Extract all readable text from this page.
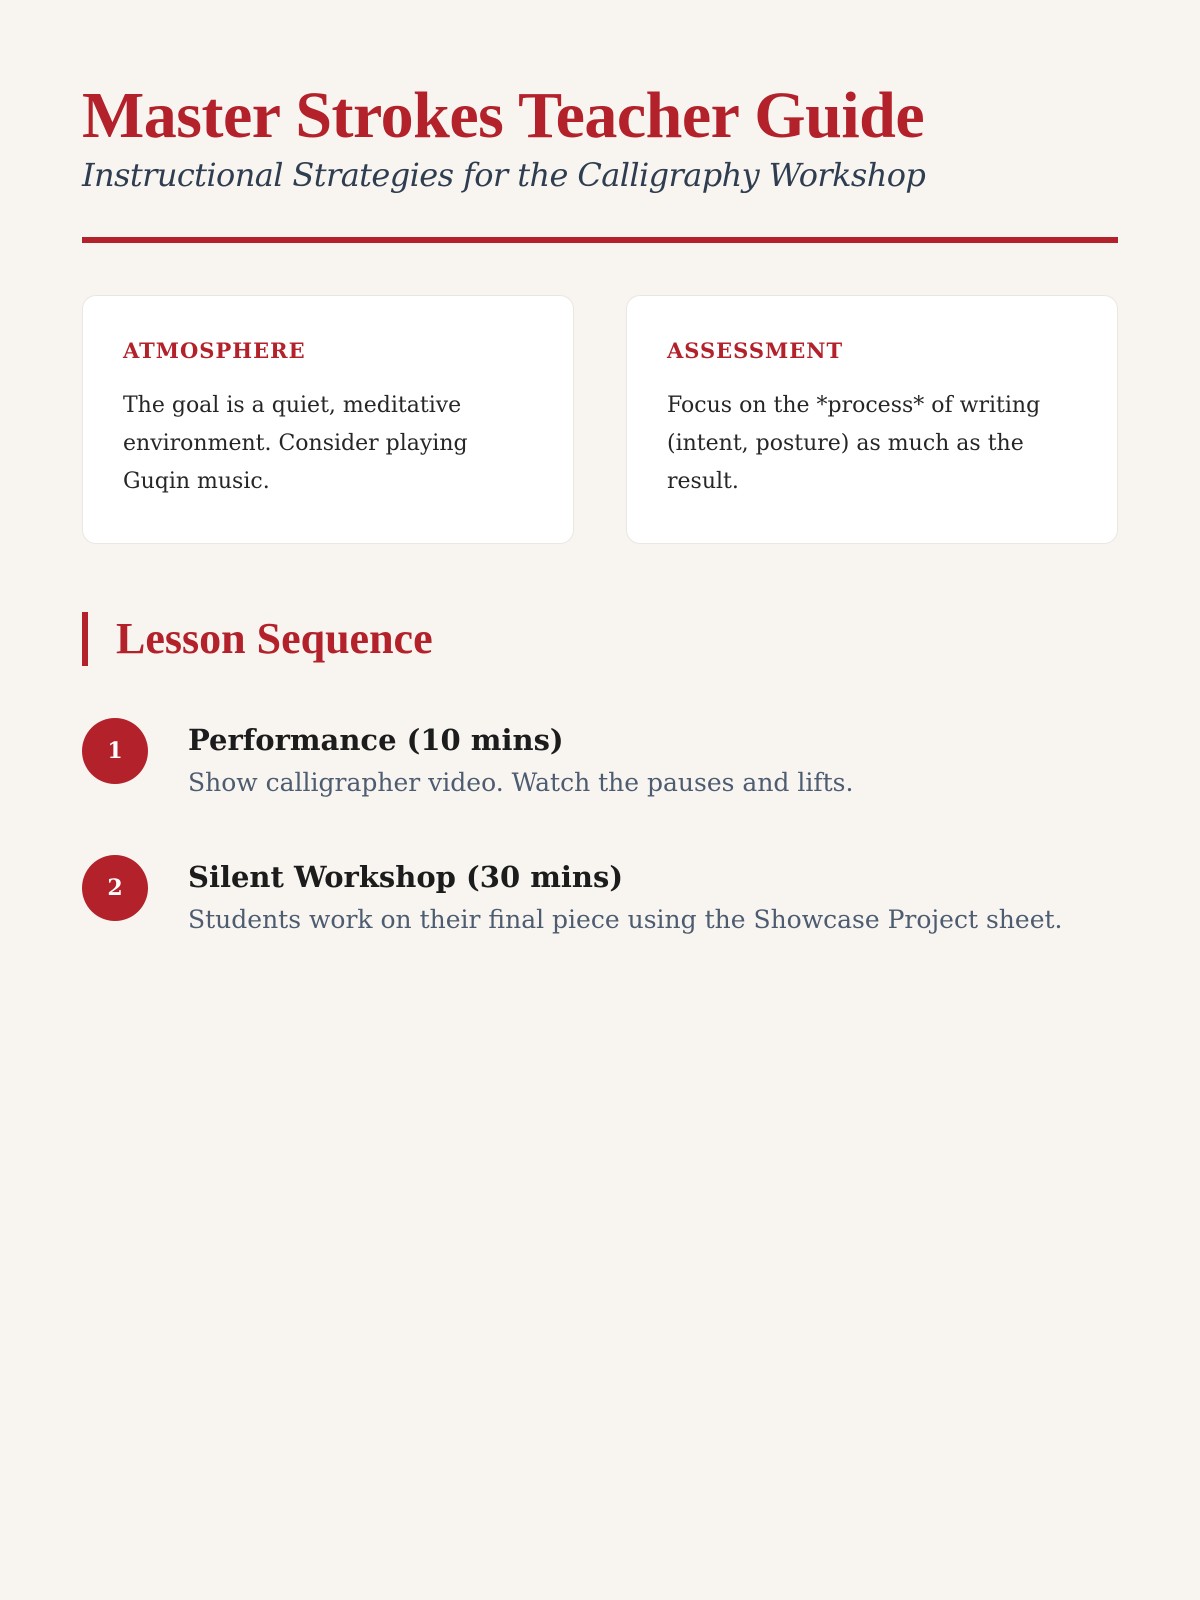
Master Strokes Teacher Guide

Instructional Strategies for the Calligraphy Workshop

ATMOSPHERE

The goal is a quiet, meditative environment. Consider playing Guqin music.

ASSESSMENT

Focus on the *process* of writing (intent, posture) as much as the result.

Lesson Sequence
1	Performance (10 mins)

Show calligrapher video. Watch the pauses and lifts.

2	Silent Workshop (30 mins)

Students work on their final piece using the Showcase Project sheet.
